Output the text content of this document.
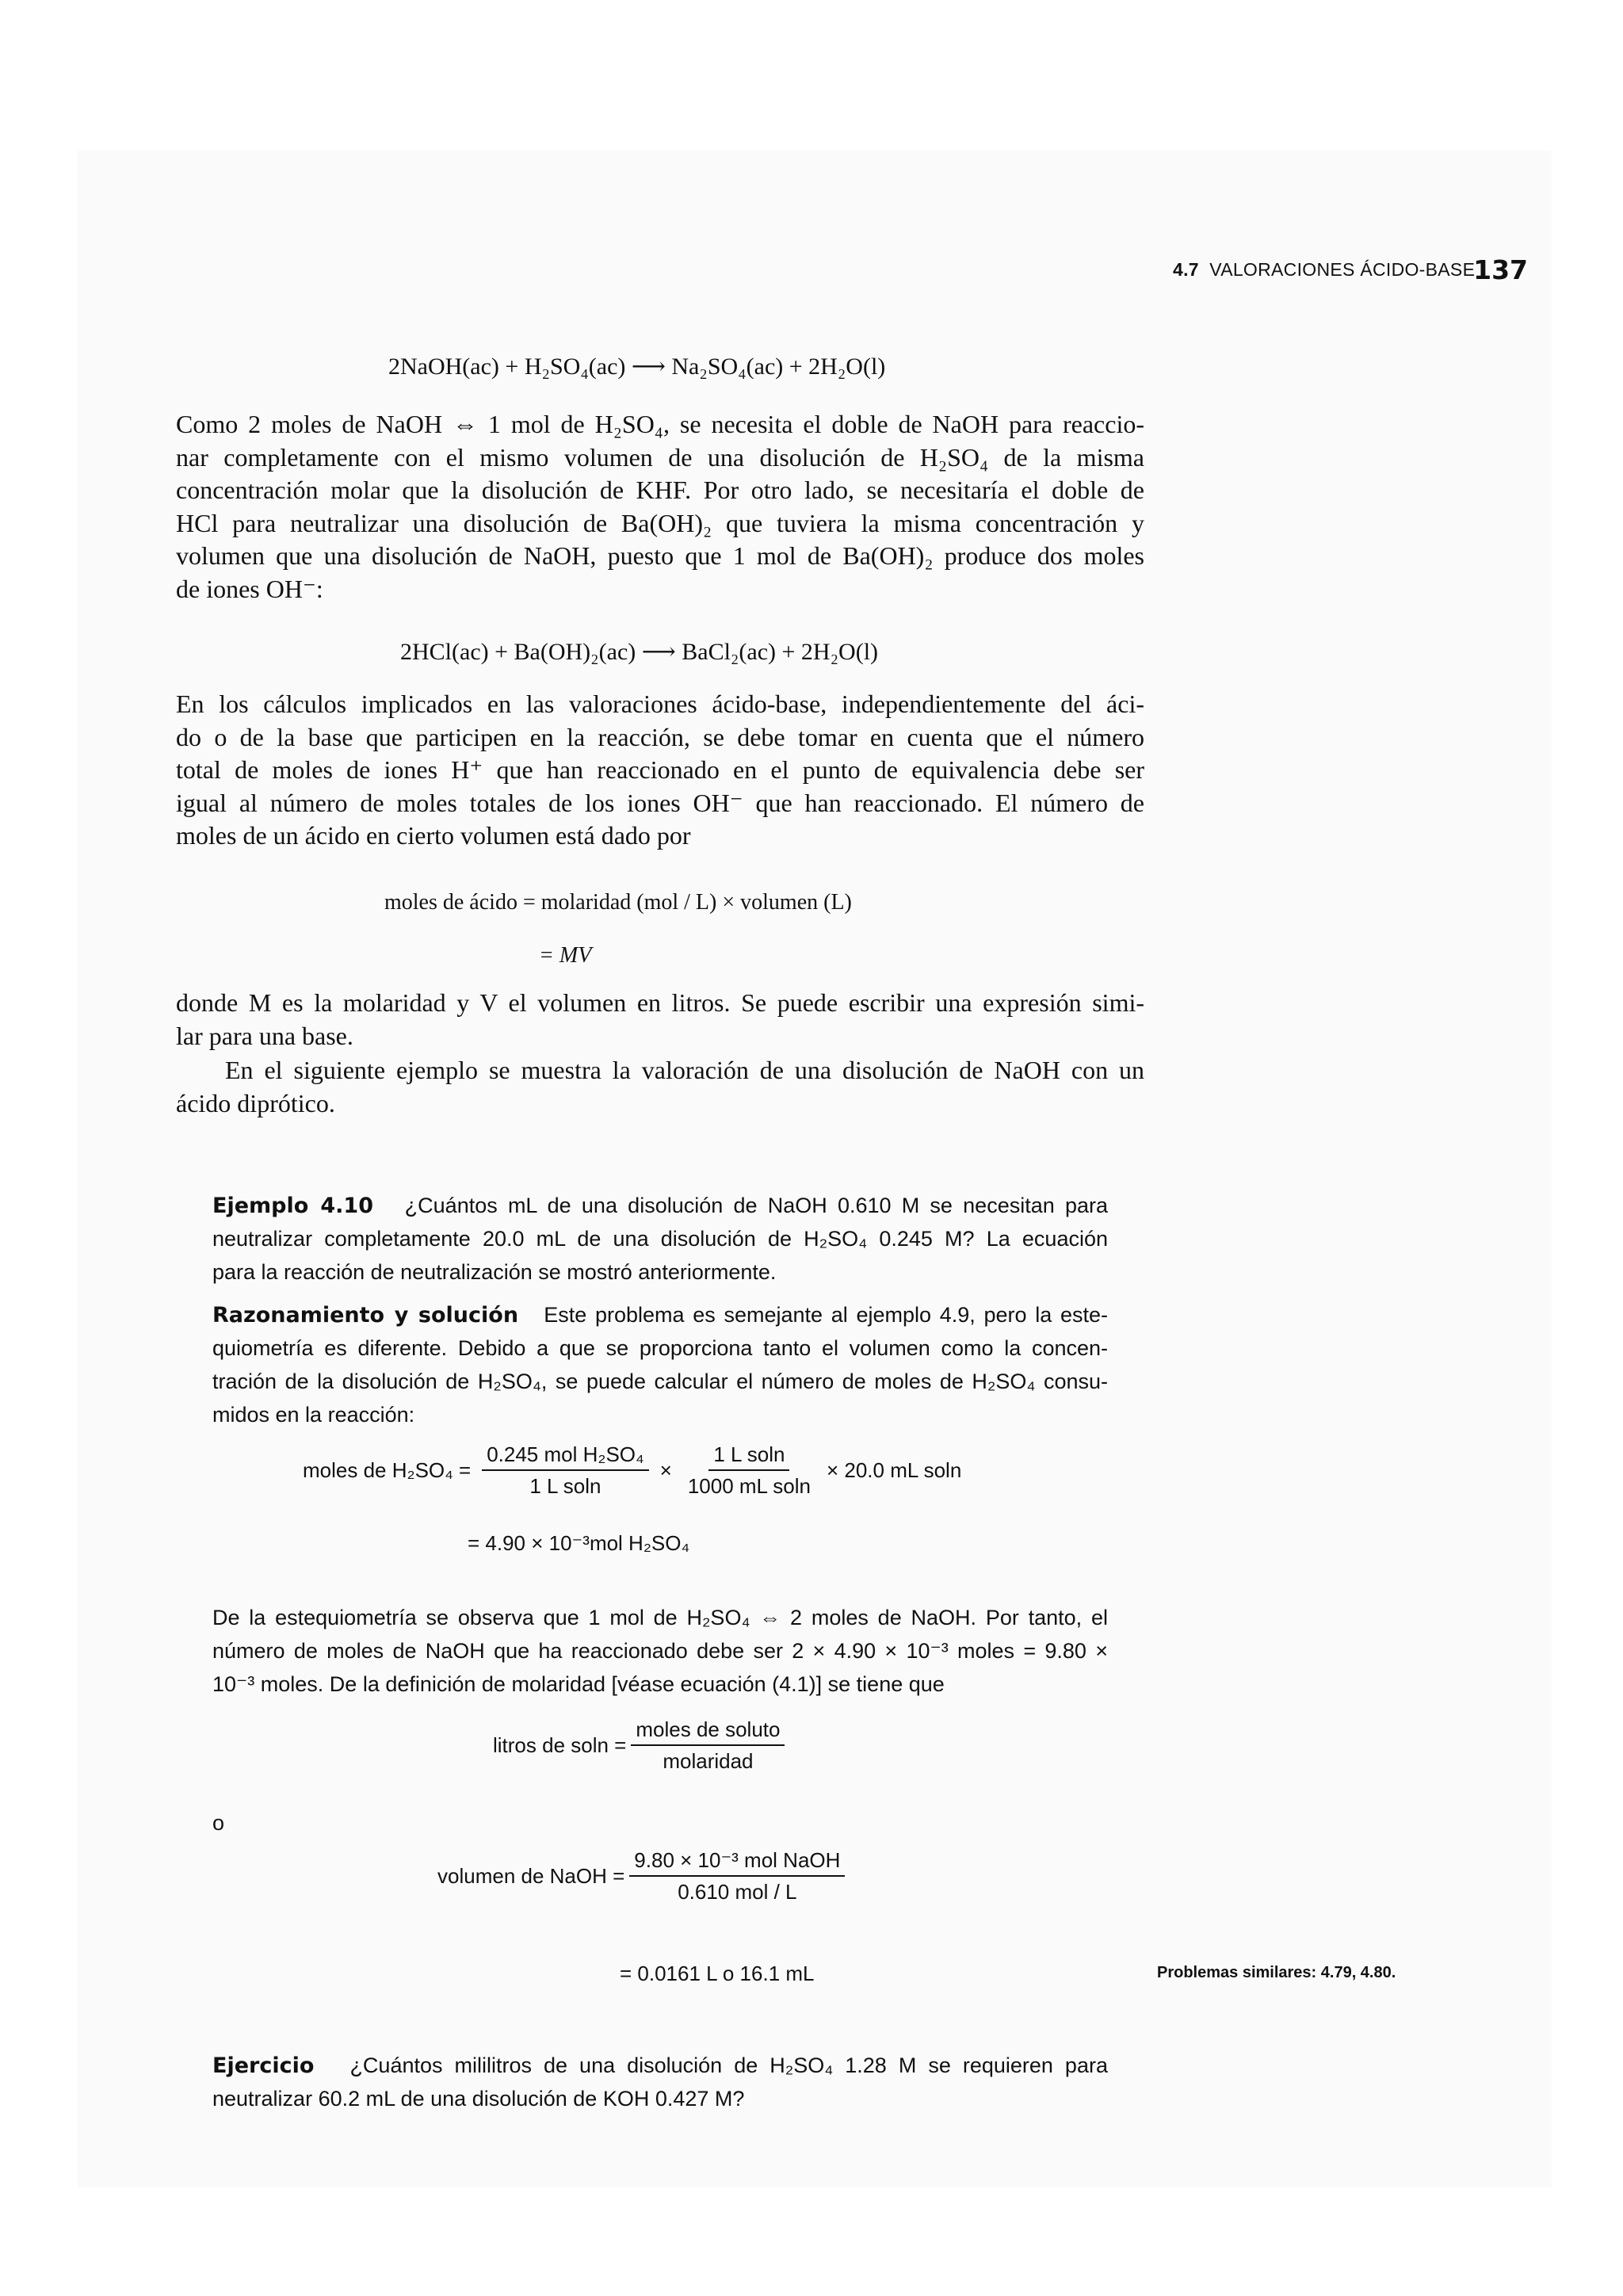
4.7 VALORACIONES ÁCIDO-BASE
137
2NaOH(ac) + H₂SO₄(ac) ⟶ Na₂SO₄(ac) + 2H₂O(l)
Como 2 moles de NaOH ⇔ 1 mol de H₂SO₄, se necesita el doble de NaOH para reaccio-
nar completamente con el mismo volumen de una disolución de H₂SO₄ de la misma
concentración molar que la disolución de KHF. Por otro lado, se necesitaría el doble de
HCl para neutralizar una disolución de Ba(OH)₂ que tuviera la misma concentración y
volumen que una disolución de NaOH, puesto que 1 mol de Ba(OH)₂ produce dos moles
de iones OH⁻:
2HCl(ac) + Ba(OH)₂(ac) ⟶ BaCl₂(ac) + 2H₂O(l)
En los cálculos implicados en las valoraciones ácido-base, independientemente del áci-
do o de la base que participen en la reacción, se debe tomar en cuenta que el número
total de moles de iones H⁺ que han reaccionado en el punto de equivalencia debe ser
igual al número de moles totales de los iones OH⁻ que han reaccionado. El número de
moles de un ácido en cierto volumen está dado por
moles de ácido = molaridad (mol / L) × volumen (L)
= MV
donde M es la molaridad y V el volumen en litros. Se puede escribir una expresión simi-
lar para una base.
En el siguiente ejemplo se muestra la valoración de una disolución de NaOH con un
ácido diprótico.
Ejemplo 4.10 ¿Cuántos mL de una disolución de NaOH 0.610 M se necesitan para
neutralizar completamente 20.0 mL de una disolución de H₂SO₄ 0.245 M? La ecuación
para la reacción de neutralización se mostró anteriormente.
Razonamiento y solución Este problema es semejante al ejemplo 4.9, pero la este-
quiometría es diferente. Debido a que se proporciona tanto el volumen como la concen-
tración de la disolución de H₂SO₄, se puede calcular el número de moles de H₂SO₄ consu-
midos en la reacción:
moles de $H_2SO_4 = \frac{\text{0.245 mol H₂SO₄}}{\text{1 L soln}} \times \frac{\text{1 L soln}}{\text{1000 mL soln}} \times 20.0$ mL soln
= 4.90 × 10⁻³mol H₂SO₄
De la estequiometría se observa que 1 mol de H₂SO₄ ⇔ 2 moles de NaOH. Por tanto, el
número de moles de NaOH que ha reaccionado debe ser 2 × 4.90 × 10⁻³ moles = 9.80 ×
10⁻³ moles. De la definición de molaridad [véase ecuación (4.1)] se tiene que
litros de $soln = \frac{\text{moles de soluto}}{\text{molaridad}}$
o
volumen de NaOH = $\frac{\text{9.80 × 10⁻³ mol NaOH}}{\text{0.610 mol / L}}$
= 0.0161 L o 16.1 mL	Problemas similares: 4.79, 4.80.
Ejercicio ¿Cuántos mililitros de una disolución de H₂SO₄ 1.28 M se requieren para
neutralizar 60.2 mL de una disolución de KOH 0.427 M?
